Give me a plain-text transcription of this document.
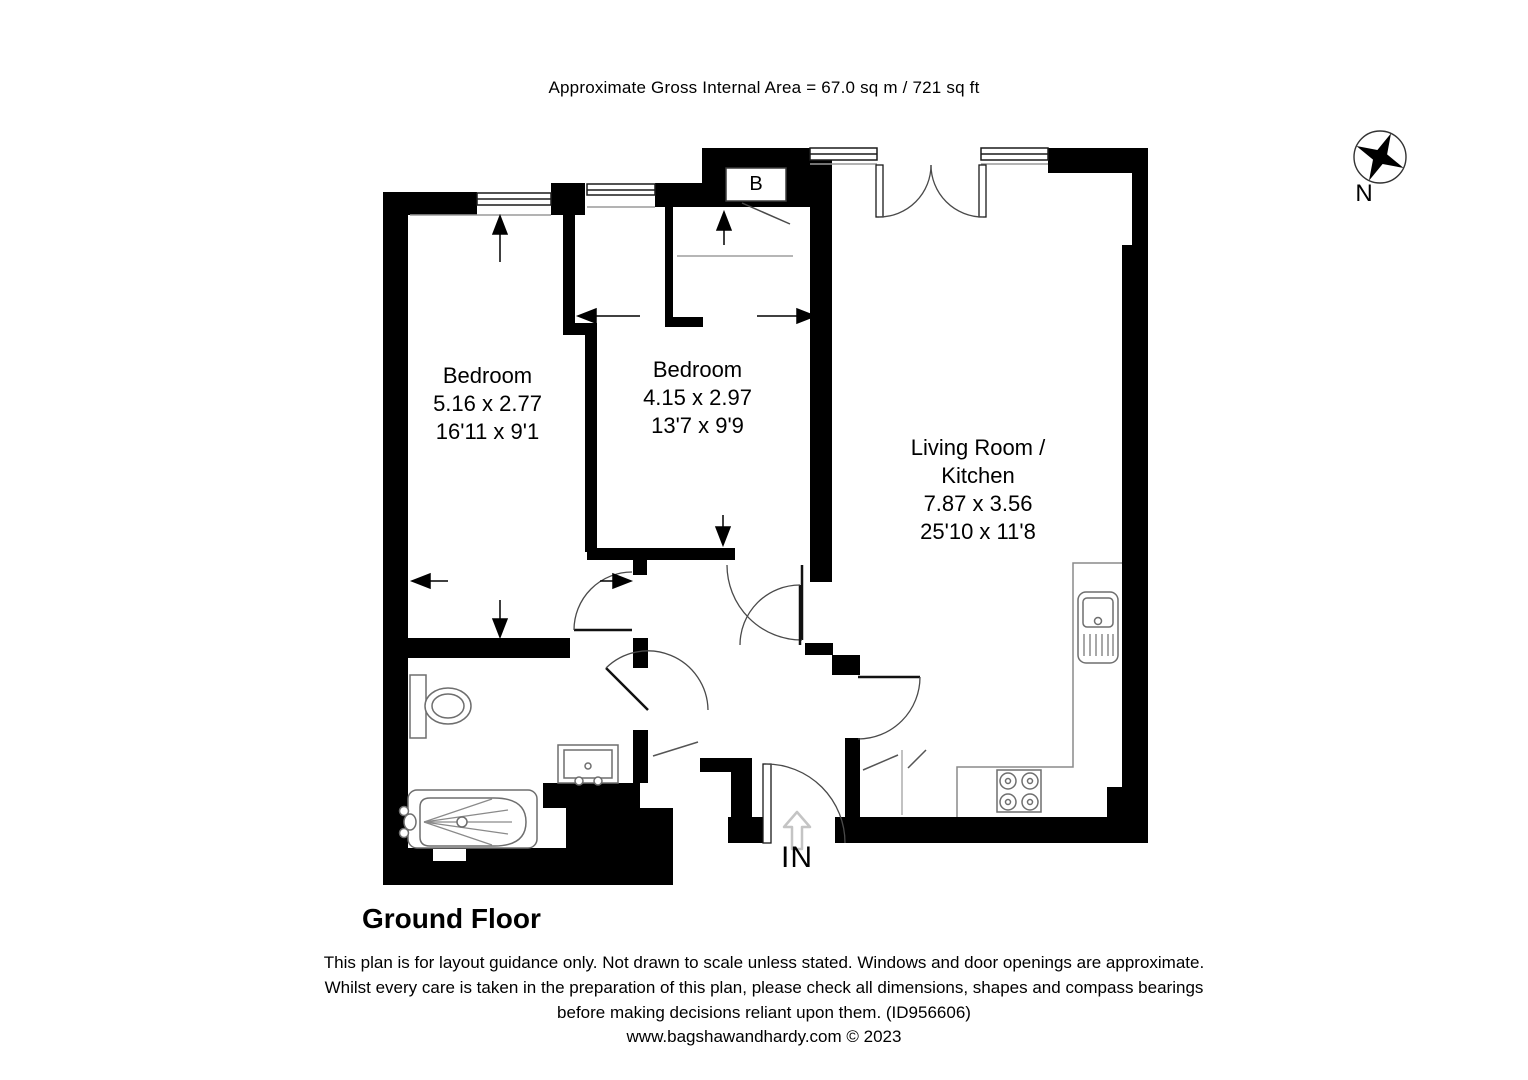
Approximate Gross Internal Area = 67.0 sq m / 721 sq ft
Bedroom
5.16 x 2.77
16'11 x 9'1
Bedroom
4.15 x 2.97
13'7 x 9'9
Living Room /
Kitchen
7.87 x 3.56
25'10 x 11'8
B
IN
N
Ground Floor
This plan is for layout guidance only. Not drawn to scale unless stated. Windows and door openings are approximate.
Whilst every care is taken in the preparation of this plan, please check all dimensions, shapes and compass bearings
before making decisions reliant upon them. (ID956606)
www.bagshawandhardy.com © 2023
